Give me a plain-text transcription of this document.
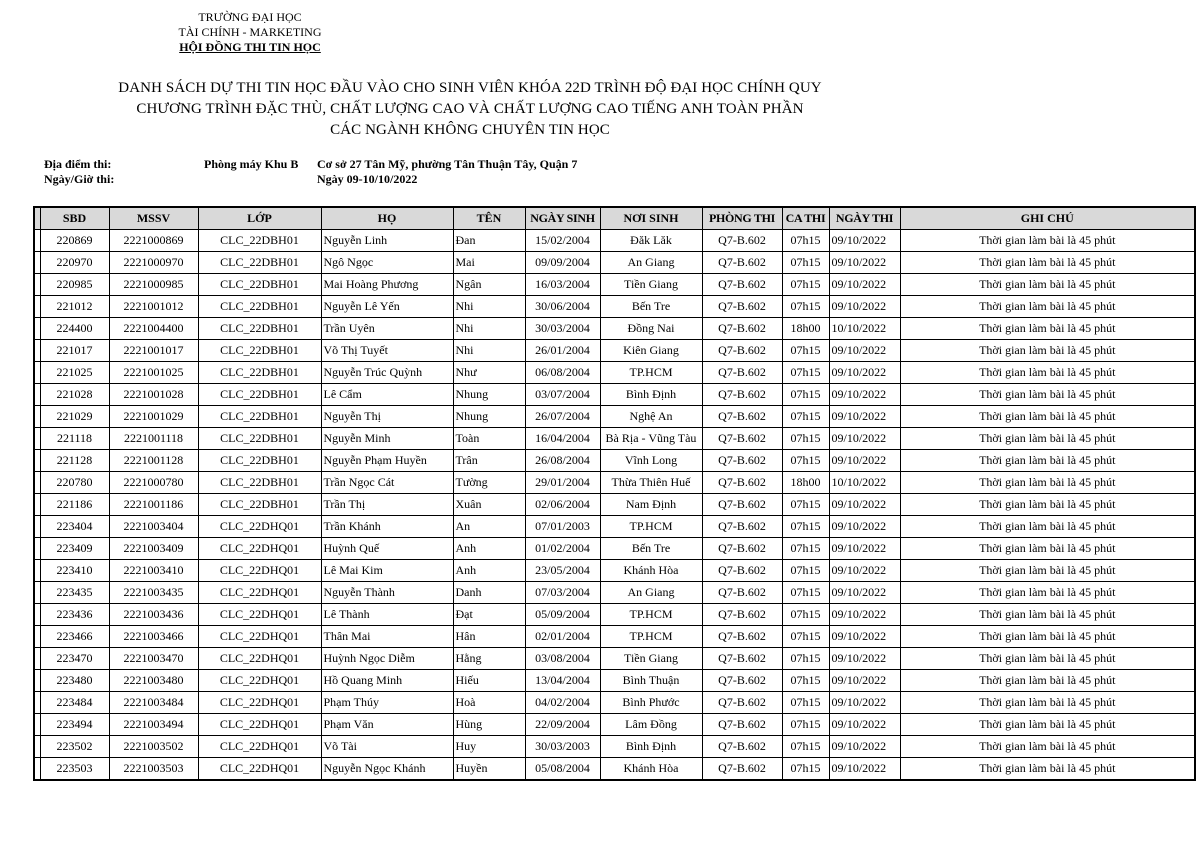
TRƯỜNG ĐẠI HỌC
TÀI CHÍNH - MARKETING
HỘI ĐỒNG THI TIN HỌC
DANH SÁCH DỰ THI TIN HỌC ĐẦU VÀO CHO SINH VIÊN KHÓA 22D TRÌNH ĐỘ ĐẠI HỌC CHÍNH QUY
CHƯƠNG TRÌNH ĐẶC THÙ, CHẤT LƯỢNG CAO VÀ CHẤT LƯỢNG CAO TIẾNG ANH TOÀN PHẦN
CÁC NGÀNH KHÔNG CHUYÊN TIN HỌC
Địa điểm thi:	Phòng máy Khu B Cơ sở 27 Tân Mỹ, phường Tân Thuận Tây, Quận 7
Ngày/Giờ thi:	Ngày 09-10/10/2022
	SBD	MSSV	LỚP	HỌ	TÊN	NGÀY SINH	NƠI SINH	PHÒNG THI	CA THI	NGÀY THI	GHI CHÚ
	220869	2221000869	CLC_22DBH01	Nguyễn Linh	Đan	15/02/2004	Đăk Lăk	Q7-B.602	07h15	09/10/2022	Thời gian làm bài là 45 phút
	220970	2221000970	CLC_22DBH01	Ngô Ngọc	Mai	09/09/2004	An Giang	Q7-B.602	07h15	09/10/2022	Thời gian làm bài là 45 phút
	220985	2221000985	CLC_22DBH01	Mai Hoàng Phương	Ngân	16/03/2004	Tiền Giang	Q7-B.602	07h15	09/10/2022	Thời gian làm bài là 45 phút
	221012	2221001012	CLC_22DBH01	Nguyễn Lê Yến	Nhi	30/06/2004	Bến Tre	Q7-B.602	07h15	09/10/2022	Thời gian làm bài là 45 phút
	224400	2221004400	CLC_22DBH01	Trần Uyên	Nhi	30/03/2004	Đồng Nai	Q7-B.602	18h00	10/10/2022	Thời gian làm bài là 45 phút
	221017	2221001017	CLC_22DBH01	Võ Thị Tuyết	Nhi	26/01/2004	Kiên Giang	Q7-B.602	07h15	09/10/2022	Thời gian làm bài là 45 phút
	221025	2221001025	CLC_22DBH01	Nguyễn Trúc Quỳnh	Như	06/08/2004	TP.HCM	Q7-B.602	07h15	09/10/2022	Thời gian làm bài là 45 phút
	221028	2221001028	CLC_22DBH01	Lê Cẩm	Nhung	03/07/2004	Bình Định	Q7-B.602	07h15	09/10/2022	Thời gian làm bài là 45 phút
	221029	2221001029	CLC_22DBH01	Nguyễn Thị	Nhung	26/07/2004	Nghệ An	Q7-B.602	07h15	09/10/2022	Thời gian làm bài là 45 phút
	221118	2221001118	CLC_22DBH01	Nguyễn Minh	Toàn	16/04/2004	Bà Rịa - Vũng Tàu	Q7-B.602	07h15	09/10/2022	Thời gian làm bài là 45 phút
	221128	2221001128	CLC_22DBH01	Nguyễn Phạm Huyền	Trân	26/08/2004	Vĩnh Long	Q7-B.602	07h15	09/10/2022	Thời gian làm bài là 45 phút
	220780	2221000780	CLC_22DBH01	Trần Ngọc Cát	Tường	29/01/2004	Thừa Thiên Huế	Q7-B.602	18h00	10/10/2022	Thời gian làm bài là 45 phút
	221186	2221001186	CLC_22DBH01	Trần Thị	Xuân	02/06/2004	Nam Định	Q7-B.602	07h15	09/10/2022	Thời gian làm bài là 45 phút
	223404	2221003404	CLC_22DHQ01	Trần Khánh	An	07/01/2003	TP.HCM	Q7-B.602	07h15	09/10/2022	Thời gian làm bài là 45 phút
	223409	2221003409	CLC_22DHQ01	Huỳnh Quế	Anh	01/02/2004	Bến Tre	Q7-B.602	07h15	09/10/2022	Thời gian làm bài là 45 phút
	223410	2221003410	CLC_22DHQ01	Lê Mai Kim	Anh	23/05/2004	Khánh Hòa	Q7-B.602	07h15	09/10/2022	Thời gian làm bài là 45 phút
	223435	2221003435	CLC_22DHQ01	Nguyễn Thành	Danh	07/03/2004	An Giang	Q7-B.602	07h15	09/10/2022	Thời gian làm bài là 45 phút
	223436	2221003436	CLC_22DHQ01	Lê Thành	Đạt	05/09/2004	TP.HCM	Q7-B.602	07h15	09/10/2022	Thời gian làm bài là 45 phút
	223466	2221003466	CLC_22DHQ01	Thân Mai	Hân	02/01/2004	TP.HCM	Q7-B.602	07h15	09/10/2022	Thời gian làm bài là 45 phút
	223470	2221003470	CLC_22DHQ01	Huỳnh Ngọc Diễm	Hằng	03/08/2004	Tiền Giang	Q7-B.602	07h15	09/10/2022	Thời gian làm bài là 45 phút
	223480	2221003480	CLC_22DHQ01	Hồ Quang Minh	Hiếu	13/04/2004	Bình Thuận	Q7-B.602	07h15	09/10/2022	Thời gian làm bài là 45 phút
	223484	2221003484	CLC_22DHQ01	Phạm Thúy	Hoà	04/02/2004	Bình Phước	Q7-B.602	07h15	09/10/2022	Thời gian làm bài là 45 phút
	223494	2221003494	CLC_22DHQ01	Phạm Văn	Hùng	22/09/2004	Lâm Đồng	Q7-B.602	07h15	09/10/2022	Thời gian làm bài là 45 phút
	223502	2221003502	CLC_22DHQ01	Võ Tài	Huy	30/03/2003	Bình Định	Q7-B.602	07h15	09/10/2022	Thời gian làm bài là 45 phút
	223503	2221003503	CLC_22DHQ01	Nguyễn Ngọc Khánh	Huyền	05/08/2004	Khánh Hòa	Q7-B.602	07h15	09/10/2022	Thời gian làm bài là 45 phút
